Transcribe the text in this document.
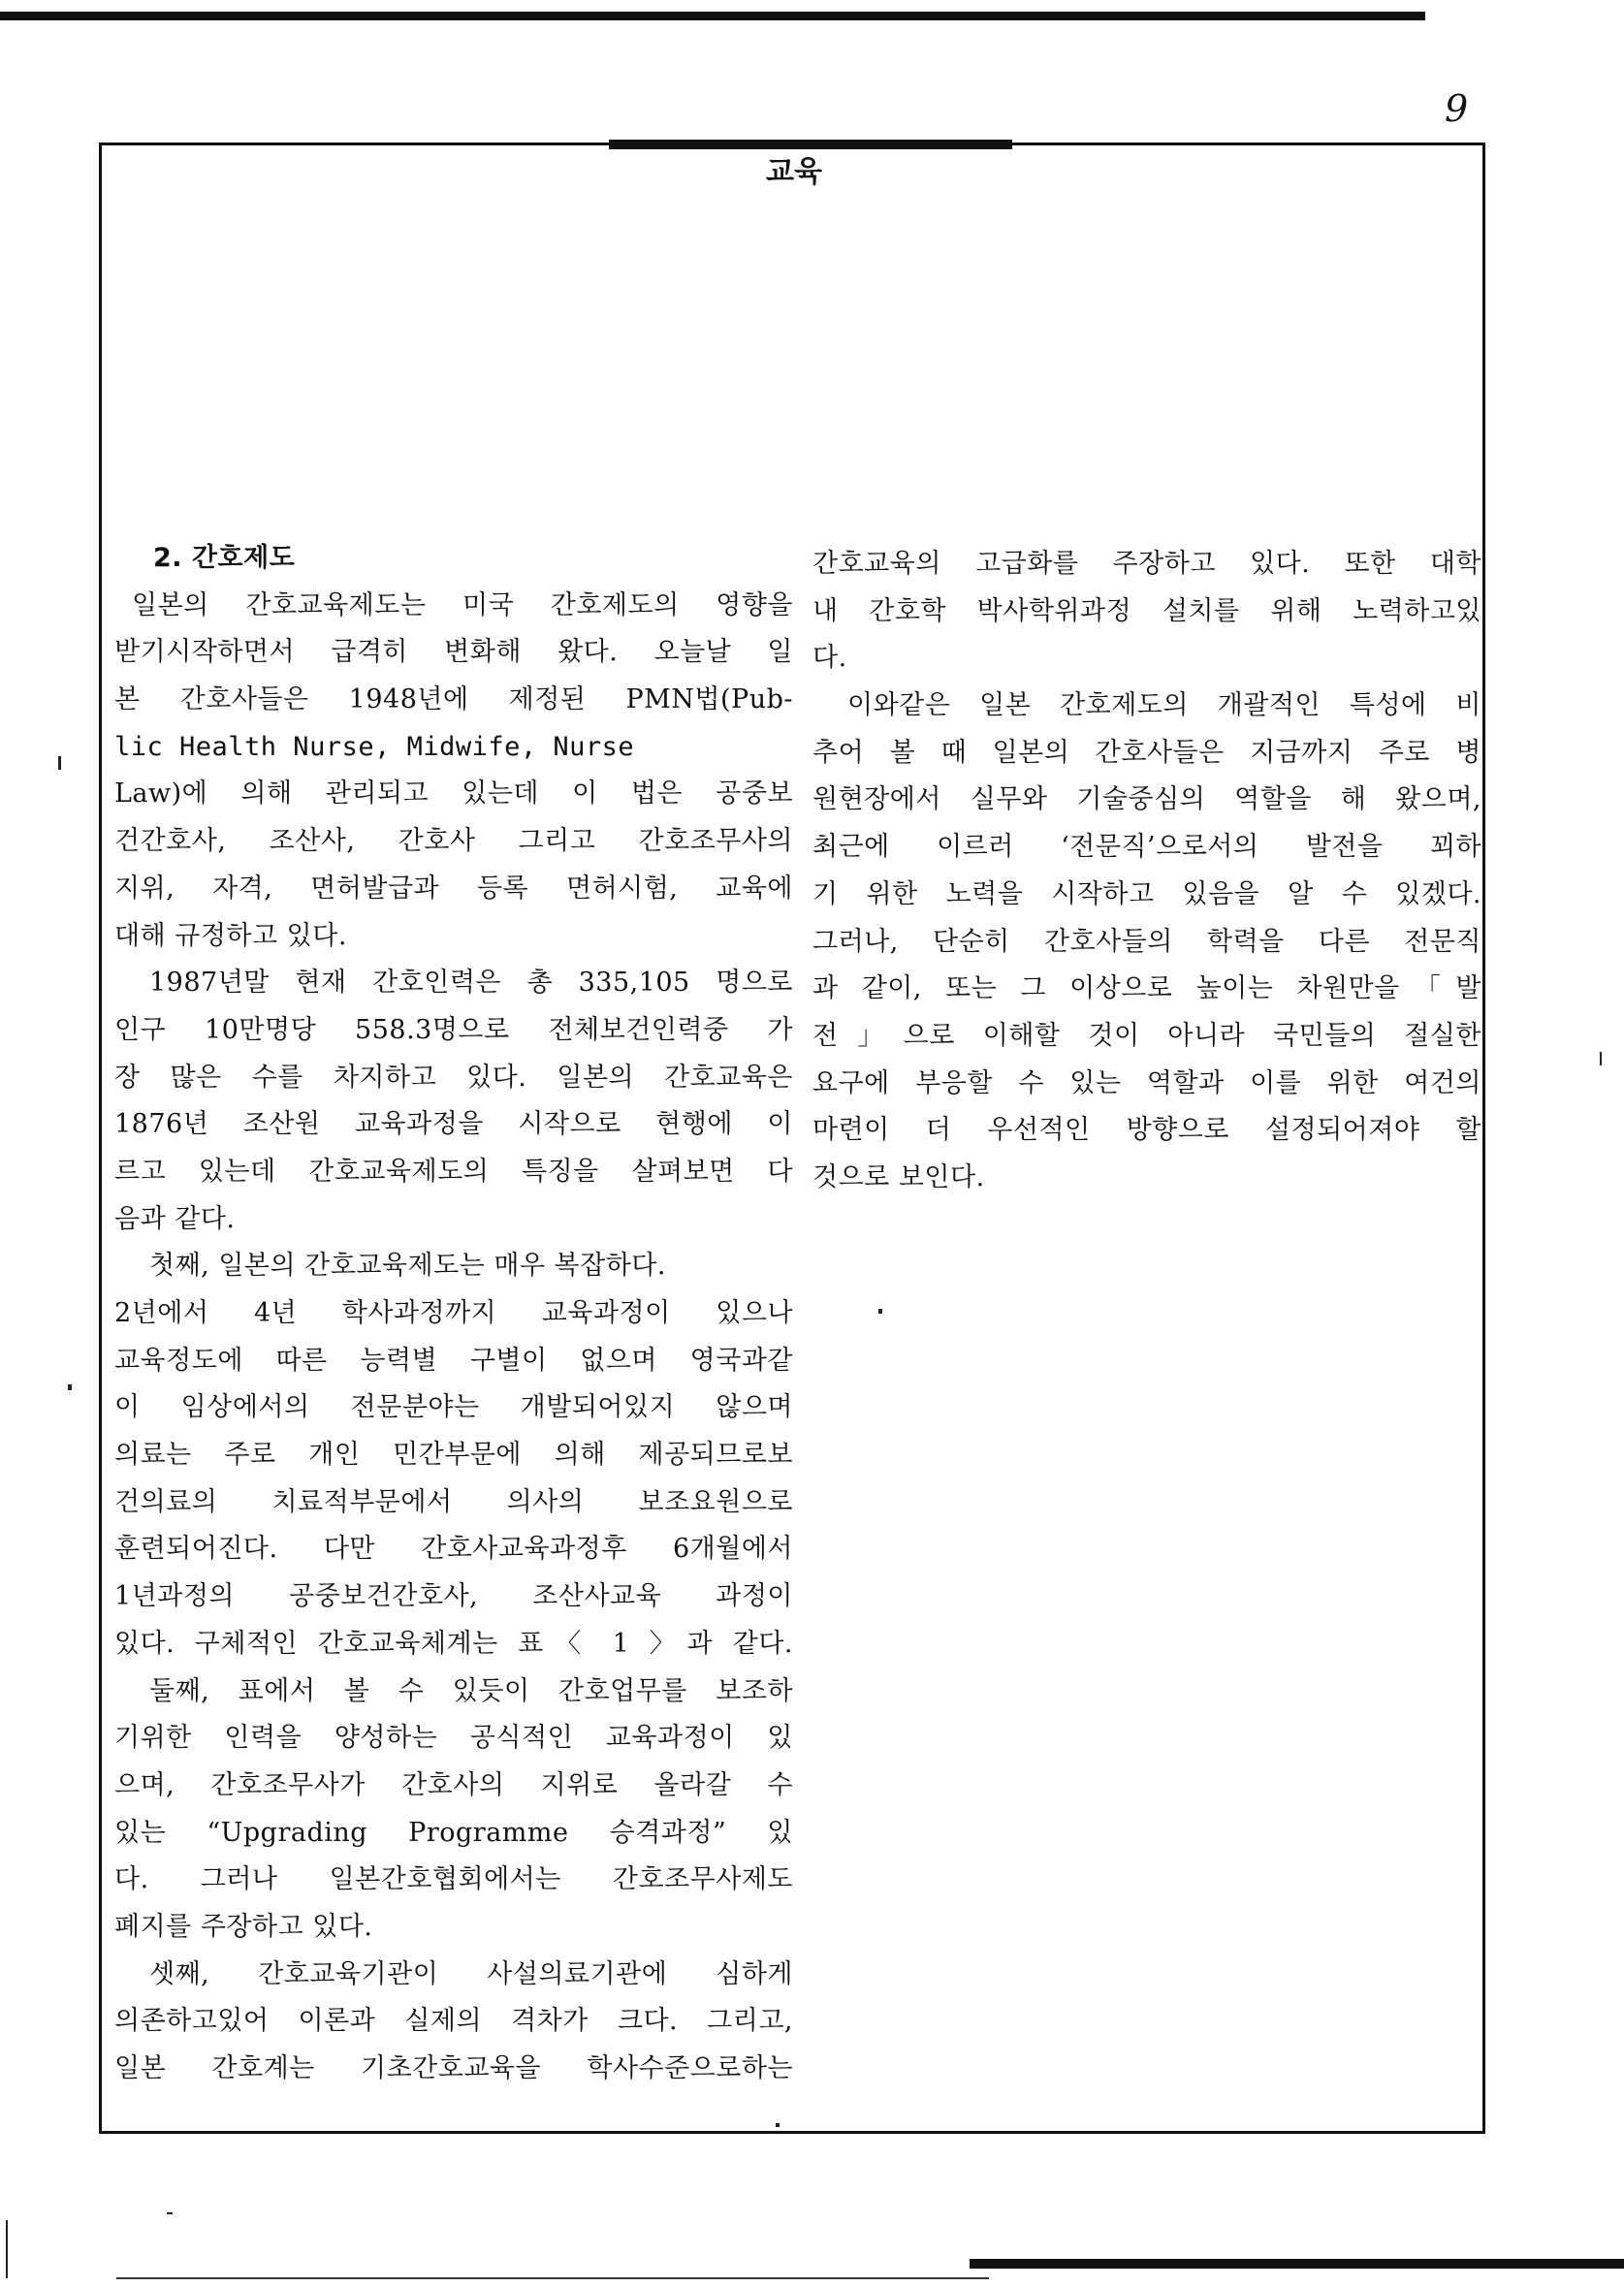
9
교육
2. 간호제도
일본의 간호교육제도는 미국 간호제도의 영향을
받기시작하면서 급격히 변화해 왔다. 오늘날 일
본 간호사들은 1948년에 제정된 PMN법(Pub-
lic Health Nurse, Midwife, Nurse
Law)에 의해 관리되고 있는데 이 법은 공중보
건간호사, 조산사, 간호사 그리고 간호조무사의
지위, 자격, 면허발급과 등록 면허시험, 교육에
대해 규정하고 있다.
1987년말 현재 간호인력은 총 335,105 명으로
인구 10만명당 558.3명으로 전체보건인력중 가
장 많은 수를 차지하고 있다. 일본의 간호교육은
1876년 조산원 교육과정을 시작으로 현행에 이
르고 있는데 간호교육제도의 특징을 살펴보면 다
음과 같다.
첫째, 일본의 간호교육제도는 매우 복잡하다.
2년에서 4년 학사과정까지 교육과정이 있으나
교육정도에 따른 능력별 구별이 없으며 영국과같
이 임상에서의 전문분야는 개발되어있지 않으며
의료는 주로 개인 민간부문에 의해 제공되므로보
건의료의 치료적부문에서 의사의 보조요원으로
훈련되어진다. 다만 간호사교육과정후 6개월에서
1년과정의 공중보건간호사, 조산사교육 과정이
있다. 구체적인 간호교육체계는 표〈 1 〉과 같다.
둘째, 표에서 볼 수 있듯이 간호업무를 보조하
기위한 인력을 양성하는 공식적인 교육과정이 있
으며, 간호조무사가 간호사의 지위로 올라갈 수
있는 “Upgrading Programme 승격과정” 있
다. 그러나 일본간호협회에서는 간호조무사제도
폐지를 주장하고 있다.
셋째, 간호교육기관이 사설의료기관에 심하게
의존하고있어 이론과 실제의 격차가 크다. 그리고,
일본 간호계는 기초간호교육을 학사수준으로하는
간호교육의 고급화를 주장하고 있다. 또한 대학
내 간호학 박사학위과정 설치를 위해 노력하고있
다.
이와같은 일본 간호제도의 개괄적인 특성에 비
추어 볼 때 일본의 간호사들은 지금까지 주로 병
원현장에서 실무와 기술중심의 역할을 해 왔으며,
최근에 이르러 ‘전문직’으로서의 발전을 꾀하
기 위한 노력을 시작하고 있음을 알 수 있겠다.
그러나, 단순히 간호사들의 학력을 다른 전문직
과 같이, 또는 그 이상으로 높이는 차원만을「발
전」으로 이해할 것이 아니라 국민들의 절실한
요구에 부응할 수 있는 역할과 이를 위한 여건의
마련이 더 우선적인 방향으로 설정되어져야 할
것으로 보인다.
